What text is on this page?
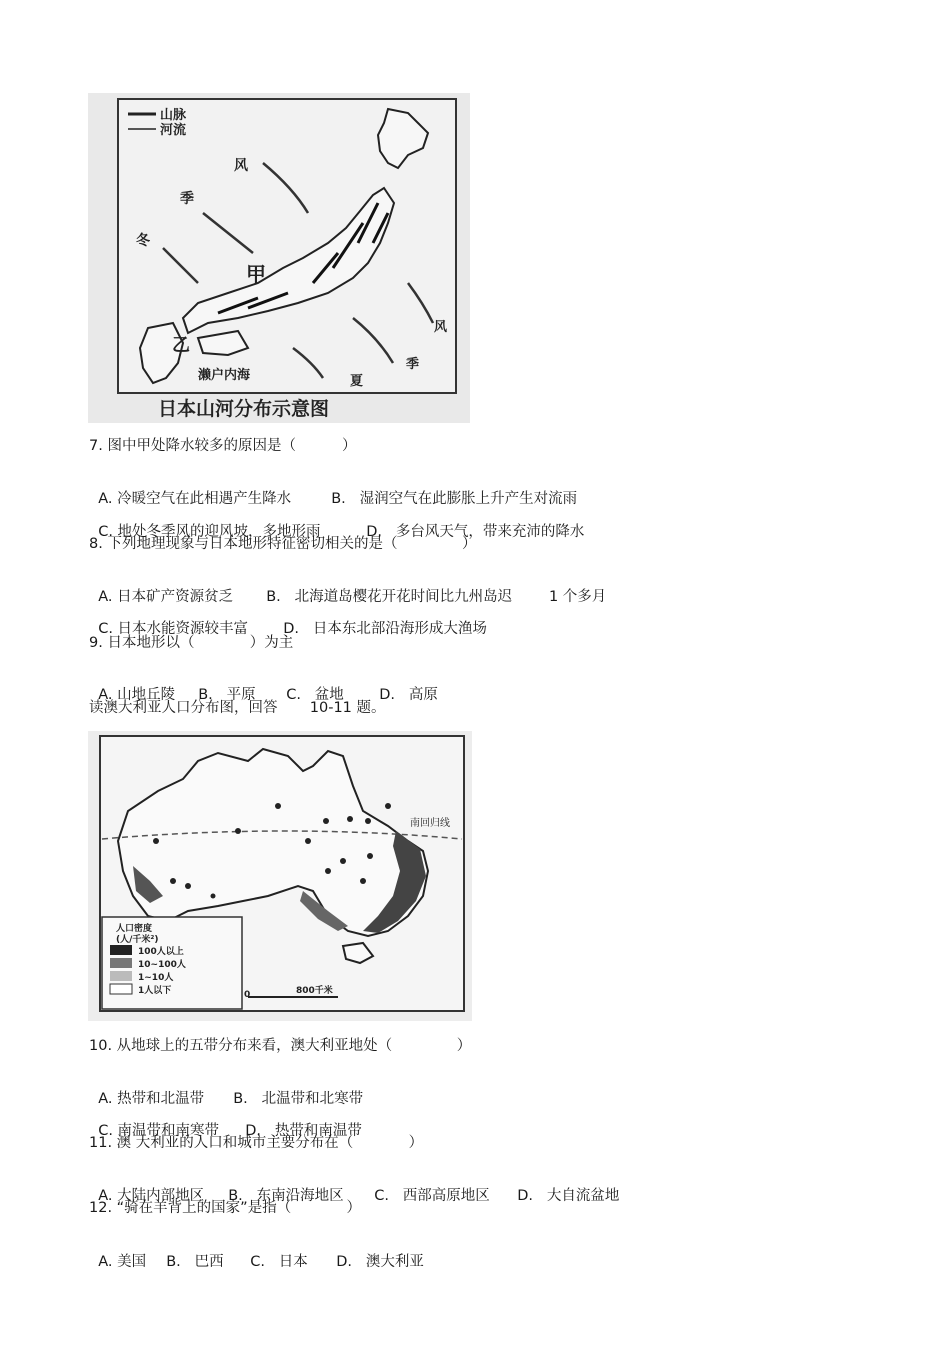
山脉
河流
风
季
冬
甲
乙
风
季
夏
濑户内海
日本山河分布示意图
7. 图中甲处降水较多的原因是（          ）

A. 冷暖空气在此相遇产生降水	B.   湿润空气在此膨胀上升产生对流雨

C. 地处冬季风的迎风坡，多地形雨	D.   多台风天气，带来充沛的降水

8. 下列地理现象与日本地形特征密切相关的是（              ）

A. 日本矿产资源贫乏 B.   北海道岛樱花开花时间比九州岛迟        1 个多月

C. 日本水能资源较丰富 D.   日本东北部沿海形成大渔场

9. 日本地形以（            ）为主

A. 山地丘陵 B.   平原 C.   盆地 D.   高原

读澳大利亚人口分布图，回答       10-11 题。
南回归线
人口密度
(人/千米²)
100人以上
10~100人
1~10人
1人以下	0	800千米
10. 从地球上的五带分布来看，澳大利亚地处（              ）

A. 热带和北温带 B.   北温带和北寒带

C. 南温带和南寒带 D.   热带和南温带

11. 澳 大利亚的人口和城市主要分布在（            ）

A. 大陆内部地区 B.   东南沿海地区 C.   西部高原地区 D.   大自流盆地

12. “骑在羊背上的国家”是指（            ）

A. 美国 B.   巴西 C.   日本 D.   澳大利亚
